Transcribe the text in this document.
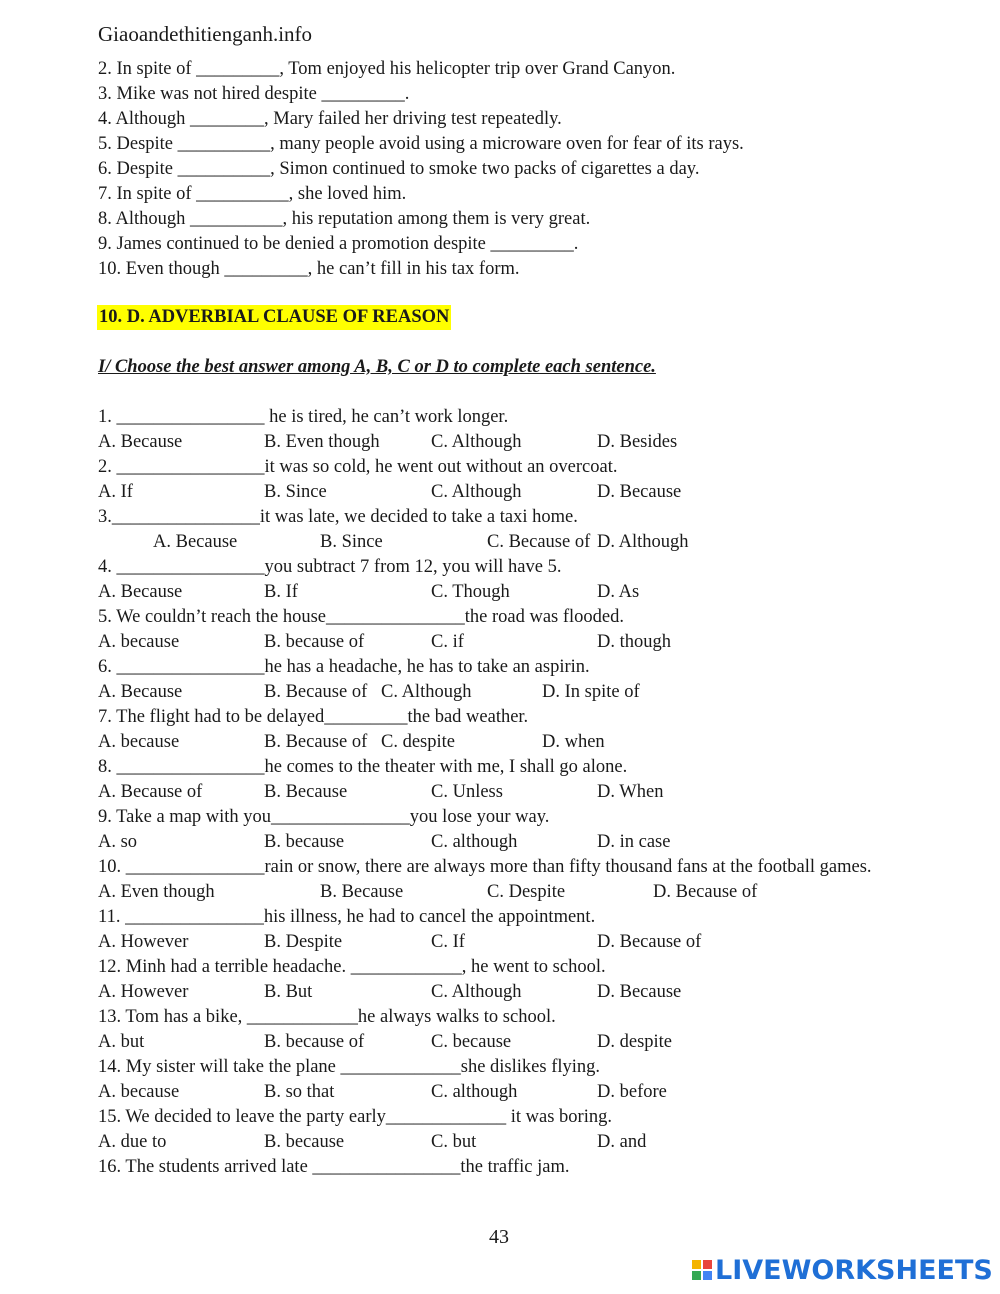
Giaoandethitienganh.info
2. In spite of _________, Tom enjoyed his helicopter trip over Grand Canyon.
3. Mike was not hired despite _________.
4. Although ________, Mary failed her driving test repeatedly.
5. Despite __________, many people avoid using a microware oven for fear of its rays.
6. Despite __________, Simon continued to smoke two packs of cigarettes a day.
7. In spite of __________, she loved him.
8. Although __________, his reputation among them is very great.
9. James continued to be denied a promotion despite _________.
10. Even though _________, he can’t fill in his tax form.
10. D. ADVERBIAL CLAUSE OF REASON
I/ Choose the best answer among A, B, C or D to complete each sentence.
1. ________________ he is tired, he can’t work longer.
A. Because	B. Even though	C. Although	D. Besides
2. ________________it was so cold, he went out without an overcoat.
A. If	B. Since	C. Although	D. Because
3.________________it was late, we decided to take a taxi home.
A. Because	B. Since	C. Because of D. Although
4. ________________you subtract 7 from 12, you will have 5.
A. Because	B. If	C. Though	D. As
5. We couldn’t reach the house_______________the road was flooded.
A. because	B. because of	C. if	D. though
6. ________________he has a headache, he has to take an aspirin.
A. Because	B. Because of C. Although	D. In spite of
7. The flight had to be delayed_________the bad weather.
A. because	B. Because of C. despite	D. when
8. ________________he comes to the theater with me, I shall go alone.
A. Because of	B. Because	C. Unless	D. When
9. Take a map with you_______________you lose your way.
A. so	B. because	C. although	D. in case
10. _______________rain or snow, there are always more than fifty thousand fans at the football games.
A. Even though	B. Because	C. Despite	D. Because of
11. _______________his illness, he had to cancel the appointment.
A. However	B. Despite	C. If	D. Because of
12. Minh had a terrible headache. ____________, he went to school.
A. However	B. But	C. Although	D. Because
13. Tom has a bike, ____________he always walks to school.
A. but	B. because of	C. because	D. despite
14. My sister will take the plane _____________she dislikes flying.
A. because	B. so that	C. although	D. before
15. We decided to leave the party early_____________ it was boring.
A. due to	B. because	C. but	D. and
16. The students arrived late ________________the traffic jam.
43
LIVEWORKSHEETS
